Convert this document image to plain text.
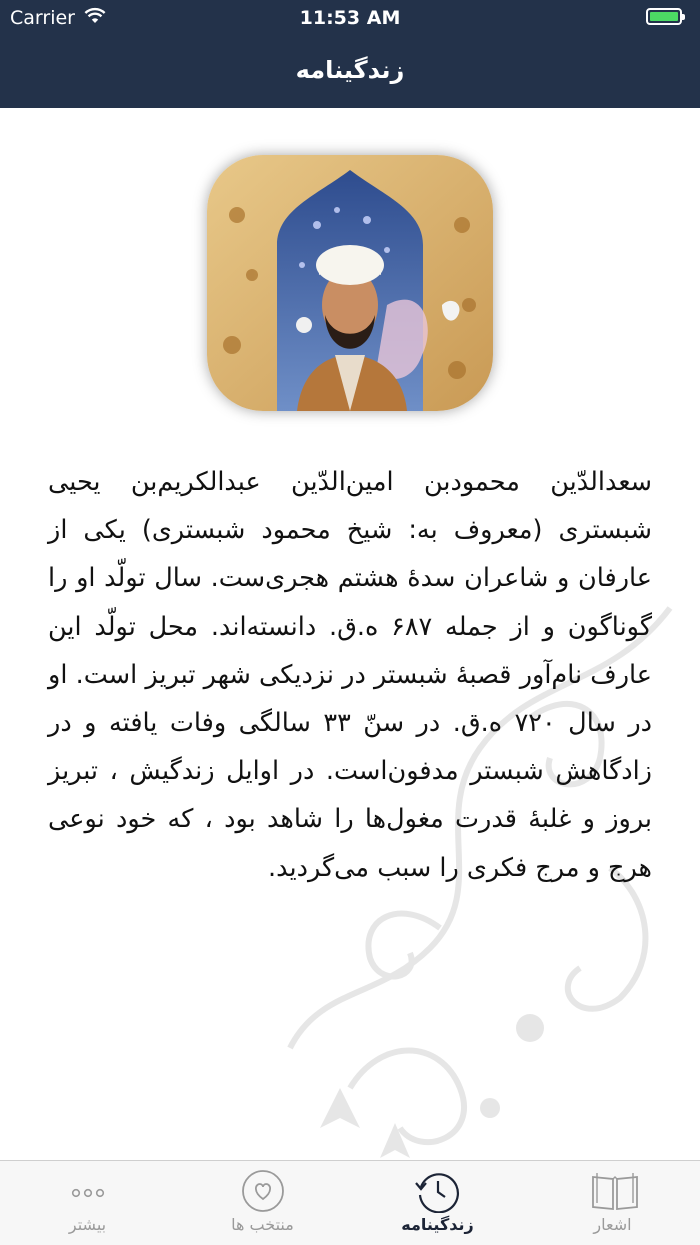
Carrier	11:53 AM
زندگینامه
سعدالدّین محمودبن امین‌الدّین عبدالکریم‌بن یحیی شبستری (معروف به: شیخ محمود شبستری) یکی از عارفان و شاعران سدهٔ هشتم هجری‌ست. سال تولّد او را گوناگون و از جمله ۶۸۷ ه.ق. دانسته‌اند. محل تولّد این عارف نام‌آور قصبهٔ شبستر در نزدیکی شهر تبریز است. او در سال ۷۲۰ ه.ق. در سنّ ۳۳ سالگی وفات یافته و در زادگاهش شبستر مدفون‌است. در اوایل زندگیش ، تبریز بروز و غلبهٔ قدرت مغول‌ها را شاهد بود ، که خود نوعی هرج و مرج فکری را سبب می‌گردید.
بیشتر	منتخب ها	زندگینامه	اشعار
